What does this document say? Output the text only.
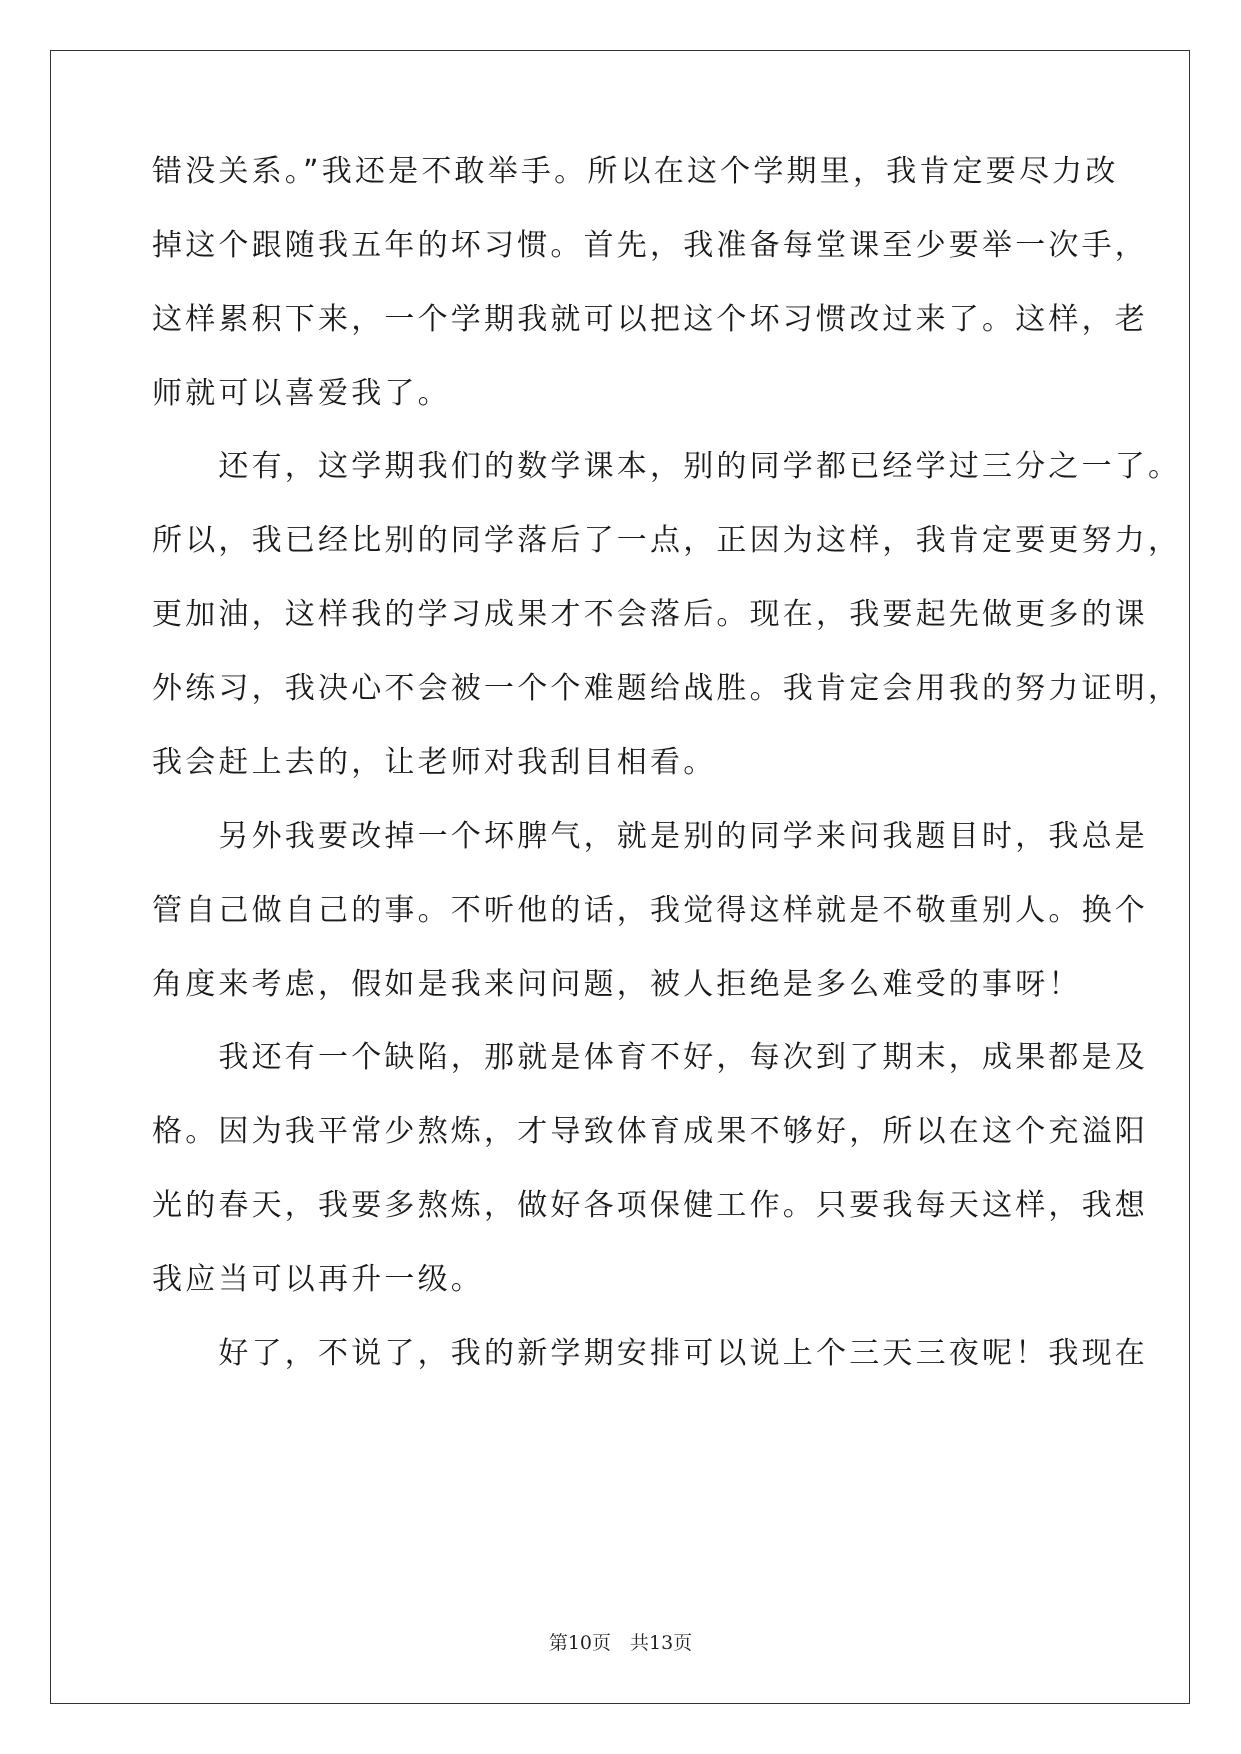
错没关系。”我还是不敢举手。所以在这个学期里，我肯定要尽力改
掉这个跟随我五年的坏习惯。首先，我准备每堂课至少要举一次手，
这样累积下来，一个学期我就可以把这个坏习惯改过来了。这样，老
师就可以喜爱我了。
　　还有，这学期我们的数学课本，别的同学都已经学过三分之一了。
所以，我已经比别的同学落后了一点，正因为这样，我肯定要更努力，
更加油，这样我的学习成果才不会落后。现在，我要起先做更多的课
外练习，我决心不会被一个个难题给战胜。我肯定会用我的努力证明，
我会赶上去的，让老师对我刮目相看。
　　另外我要改掉一个坏脾气，就是别的同学来问我题目时，我总是
管自己做自己的事。不听他的话，我觉得这样就是不敬重别人。换个
角度来考虑，假如是我来问问题，被人拒绝是多么难受的事呀！
　　我还有一个缺陷，那就是体育不好，每次到了期末，成果都是及
格。因为我平常少熬炼，才导致体育成果不够好，所以在这个充溢阳
光的春天，我要多熬炼，做好各项保健工作。只要我每天这样，我想
我应当可以再升一级。
　　好了，不说了，我的新学期安排可以说上个三天三夜呢！我现在
第10页　共13页
